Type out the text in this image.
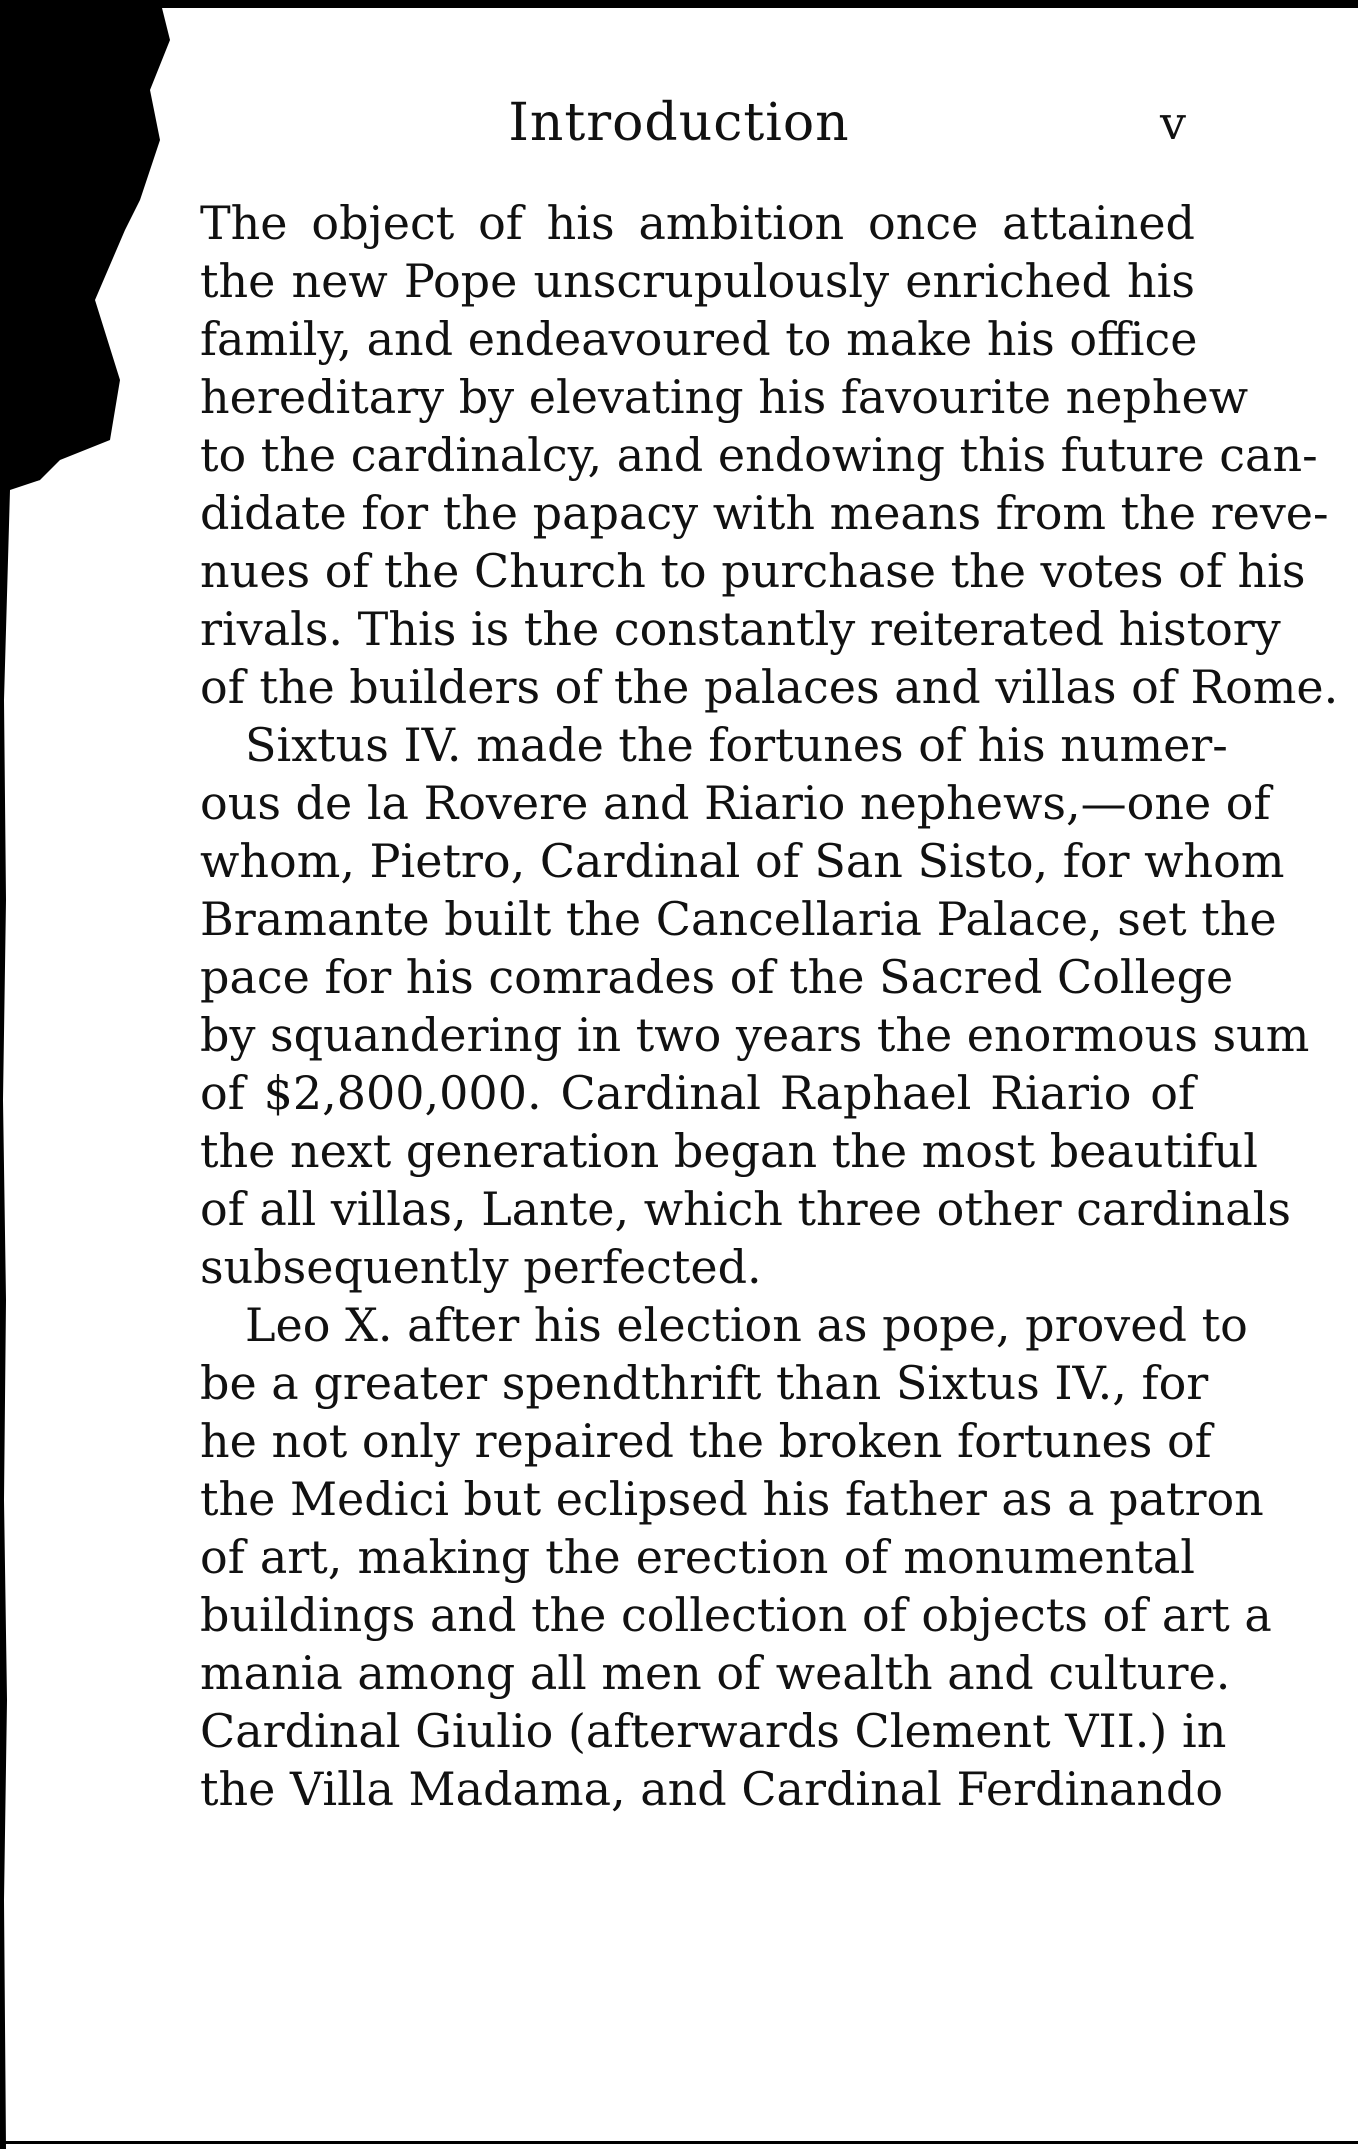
Introduction	v

The object of his ambition once attained
the new Pope unscrupulously enriched his
family, and endeavoured to make his office
hereditary by elevating his favourite nephew
to the cardinalcy, and endowing this future can-
didate for the papacy with means from the reve-
nues of the Church to purchase the votes of his
rivals. This is the constantly reiterated history
of the builders of the palaces and villas of Rome.

Sixtus IV. made the fortunes of his numer-
ous de la Rovere and Riario nephews,—one of
whom, Pietro, Cardinal of San Sisto, for whom
Bramante built the Cancellaria Palace, set the
pace for his comrades of the Sacred College
by squandering in two years the enormous sum
of $2,800,000. Cardinal Raphael Riario of
the next generation began the most beautiful
of all villas, Lante, which three other cardinals
subsequently perfected.

Leo X. after his election as pope, proved to
be a greater spendthrift than Sixtus IV., for
he not only repaired the broken fortunes of
the Medici but eclipsed his father as a patron
of art, making the erection of monumental
buildings and the collection of objects of art a
mania among all men of wealth and culture.
Cardinal Giulio (afterwards Clement VII.) in
the Villa Madama, and Cardinal Ferdinando
